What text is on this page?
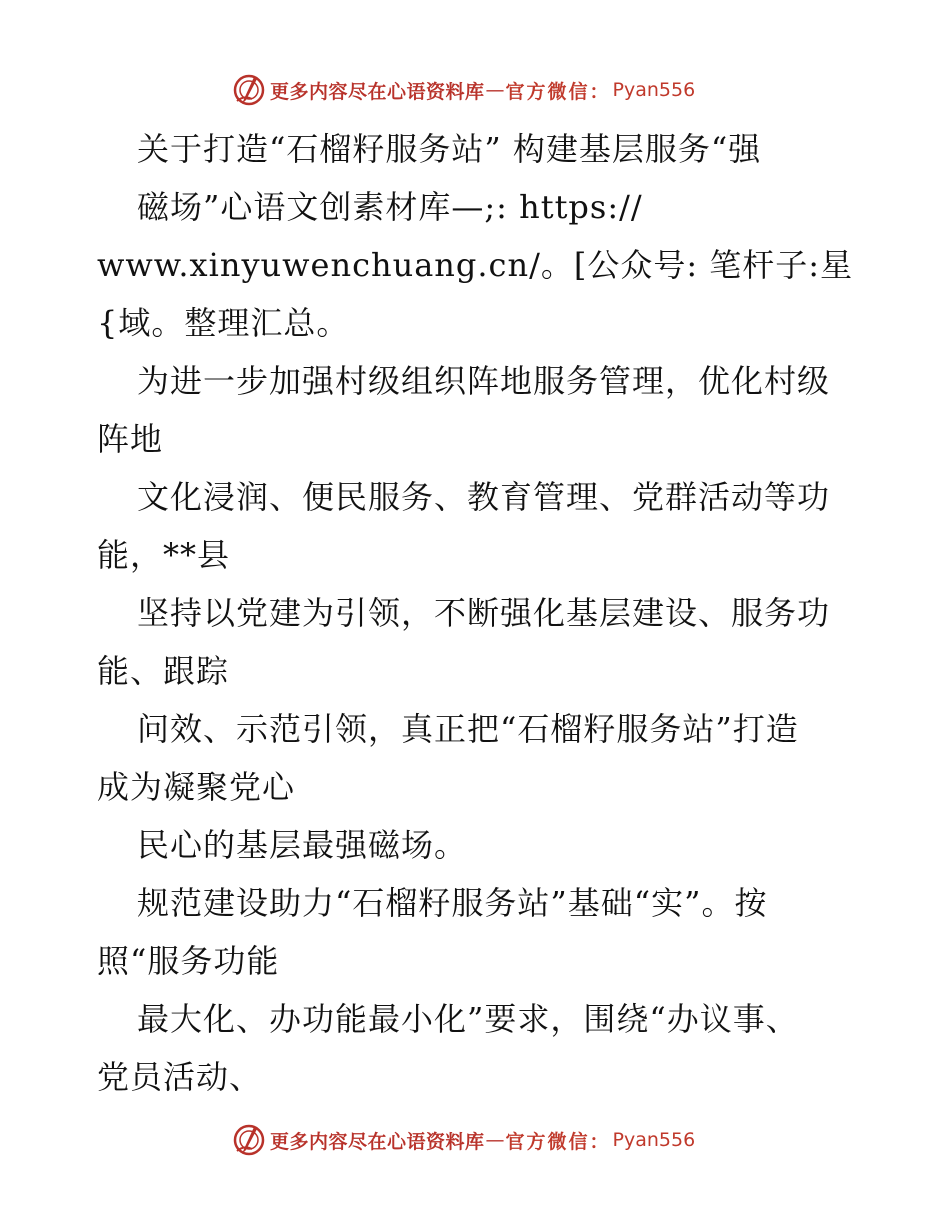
更多内容尽在心语资料库 — 官方微信： Pyan556
关于打造“石榴籽服务站” 构建基层服务“强
磁场”心语文创素材库—;: https://
www.xinyuwenchuang.cn/。[公众号: 笔杆子:星
{域。整理汇总。
为进一步加强村级组织阵地服务管理，优化村级
阵地
文化浸润、便民服务、教育管理、党群活动等功
能，**县
坚持以党建为引领，不断强化基层建设、服务功
能、跟踪
问效、示范引领，真正把“石榴籽服务站”打造
成为凝聚党心
民心的基层最强磁场。
规范建设助力“石榴籽服务站”基础“实”。按
照“服务功能
最大化、办功能最小化”要求，围绕“办议事、
党员活动、
更多内容尽在心语资料库 — 官方微信： Pyan556
